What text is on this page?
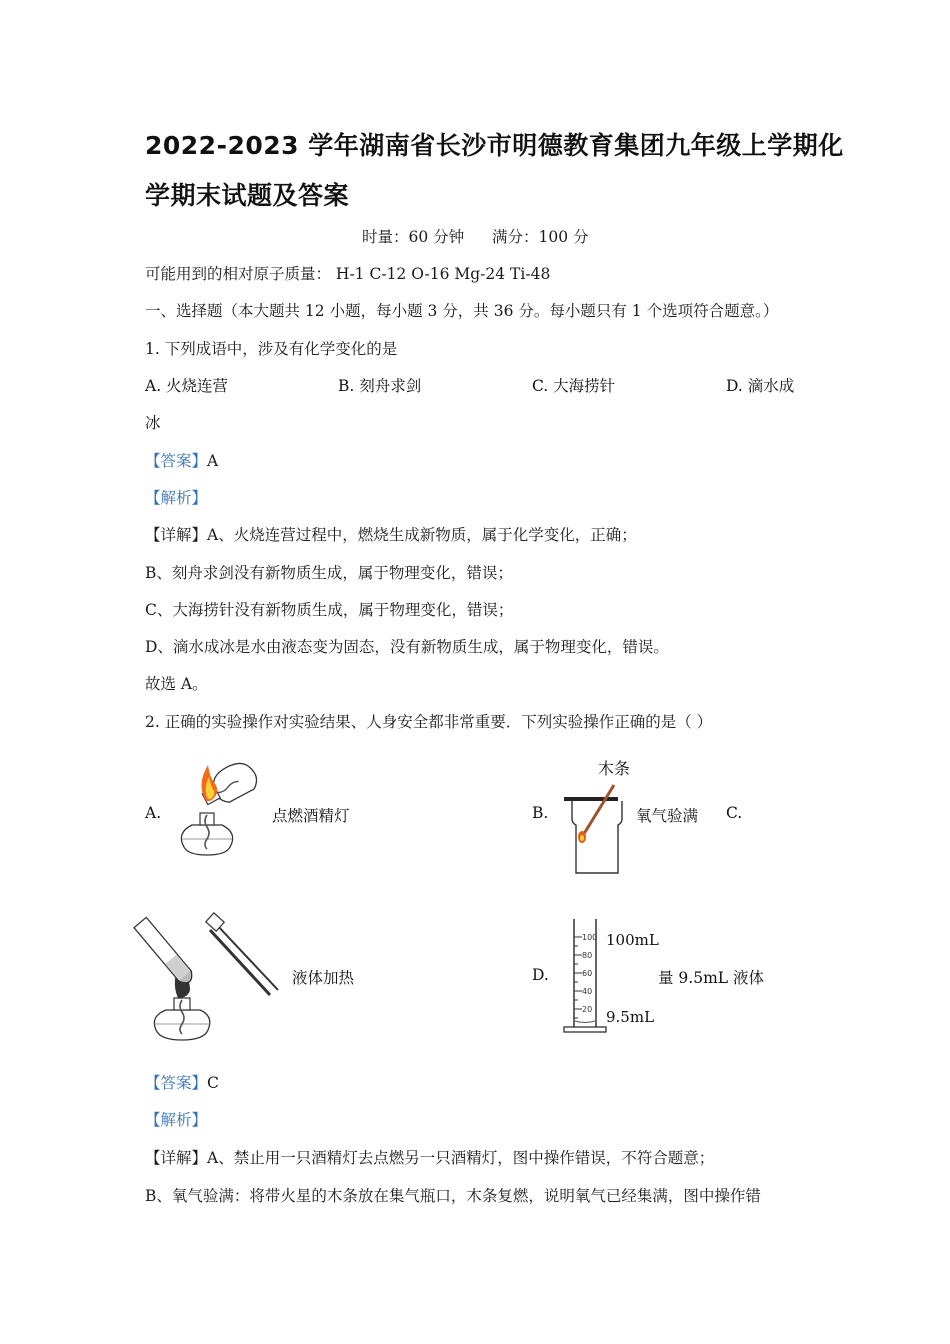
2022-2023 学年湖南省长沙市明德教育集团九年级上学期化
学期末试题及答案
时量：60 分钟 满分：100 分
可能用到的相对原子质量： H-1 C-12 O-16 Mg-24 Ti-48
一、选择题（本大题共 12 小题，每小题 3 分，共 36 分。每小题只有 1 个选项符合题意。）
1. 下列成语中，涉及有化学变化的是
A. 火烧连营	B. 刻舟求剑	C. 大海捞针	D. 滴水成
冰
【答案】A
【解析】
【详解】A、火烧连营过程中，燃烧生成新物质，属于化学变化，正确；
B、刻舟求剑没有新物质生成，属于物理变化，错误；
C、大海捞针没有新物质生成，属于物理变化，错误；
D、滴水成冰是水由液态变为固态，没有新物质生成，属于物理变化，错误。
故选 A。
2. 正确的实验操作对实验结果、人身安全都非常重要．下列实验操作正确的是（ ）
A.	点燃酒精灯	B.
木条
氧气验满 C.
液体加热	D.
100
80
60
40
20
100mL
9.5mL
量 9.5mL 液体
【答案】C
【解析】
【详解】A、禁止用一只酒精灯去点燃另一只酒精灯，图中操作错误，不符合题意；
B、氧气验满：将带火星的木条放在集气瓶口，木条复燃，说明氧气已经集满，图中操作错
